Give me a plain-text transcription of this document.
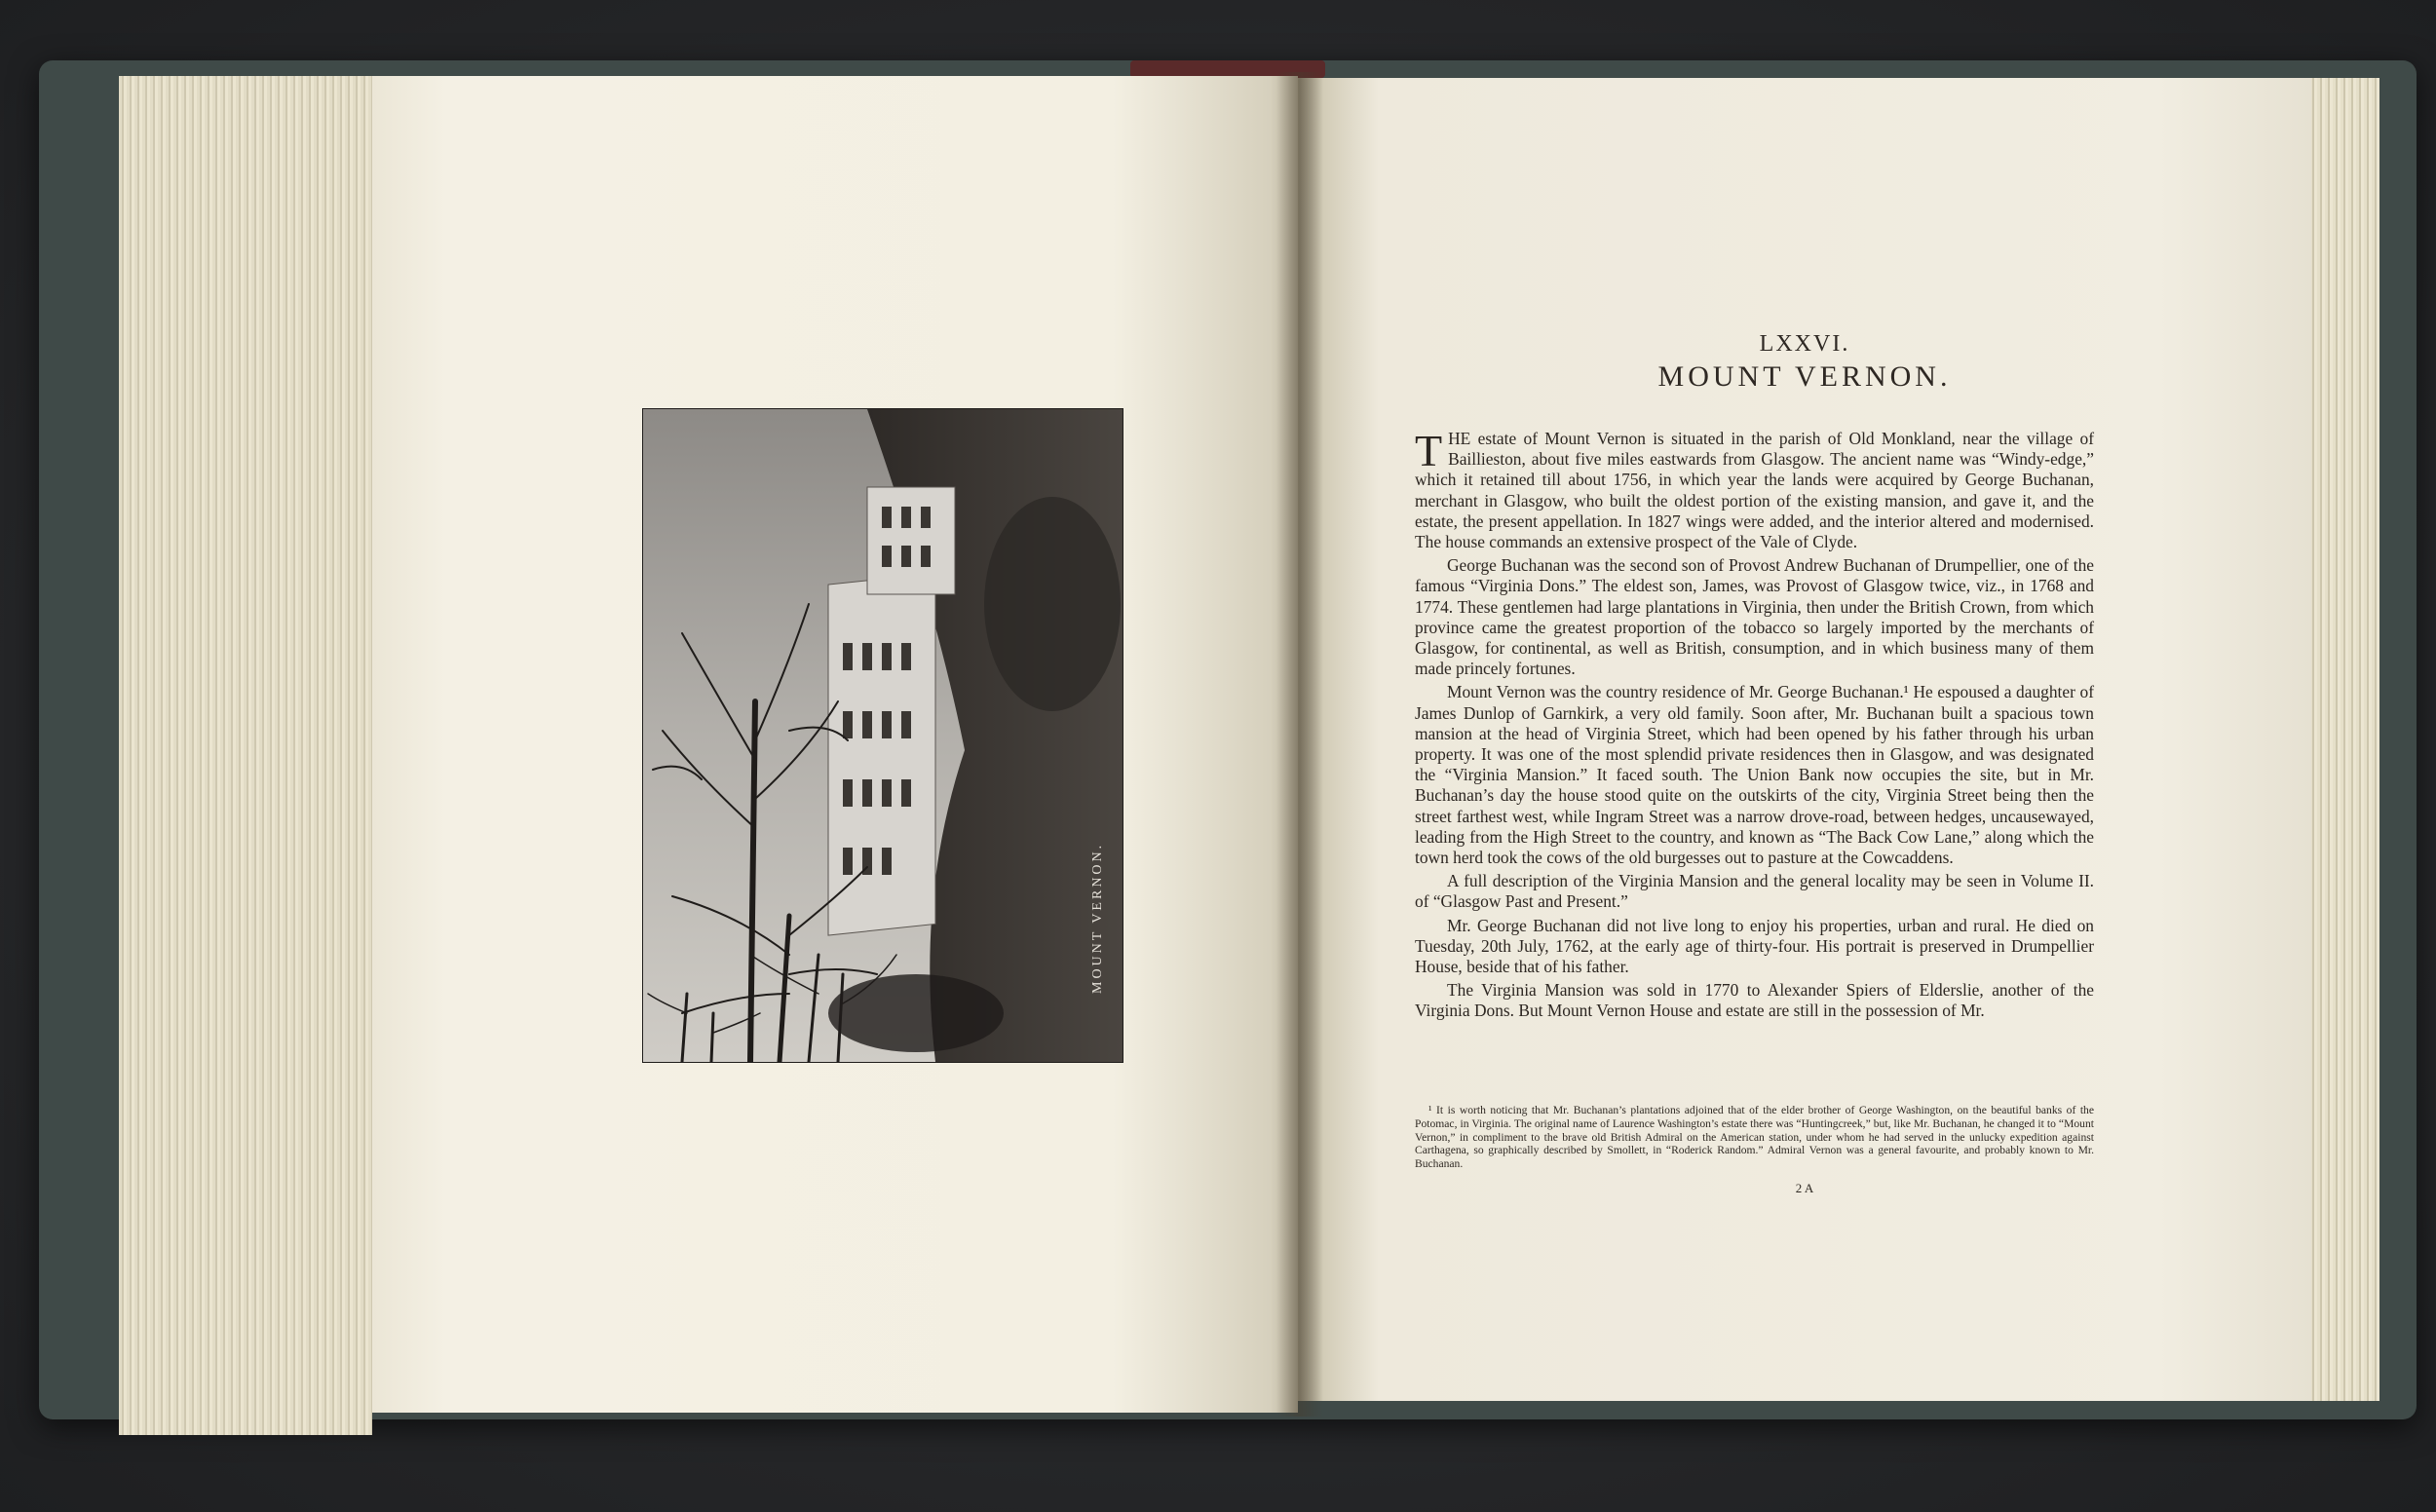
MOUNT VERNON.
LXXVI.
MOUNT VERNON.

THE estate of Mount Vernon is situated in the parish of Old Monkland, near the village of Baillieston, about five miles eastwards from Glasgow. The ancient name was “Windy-edge,” which it retained till about 1756, in which year the lands were acquired by George Buchanan, merchant in Glasgow, who built the oldest portion of the existing mansion, and gave it, and the estate, the present appellation. In 1827 wings were added, and the interior altered and modernised. The house commands an extensive prospect of the Vale of Clyde.

George Buchanan was the second son of Provost Andrew Buchanan of Drumpellier, one of the famous “Virginia Dons.” The eldest son, James, was Provost of Glasgow twice, viz., in 1768 and 1774. These gentlemen had large plantations in Virginia, then under the British Crown, from which province came the greatest proportion of the tobacco so largely imported by the merchants of Glasgow, for continental, as well as British, consumption, and in which business many of them made princely fortunes.

Mount Vernon was the country residence of Mr. George Buchanan.¹ He espoused a daughter of James Dunlop of Garnkirk, a very old family. Soon after, Mr. Buchanan built a spacious town mansion at the head of Virginia Street, which had been opened by his father through his urban property. It was one of the most splendid private residences then in Glasgow, and was designated the “Virginia Mansion.” It faced south. The Union Bank now occupies the site, but in Mr. Buchanan’s day the house stood quite on the outskirts of the city, Virginia Street being then the street farthest west, while Ingram Street was a narrow drove-road, between hedges, uncausewayed, leading from the High Street to the country, and known as “The Back Cow Lane,” along which the town herd took the cows of the old burgesses out to pasture at the Cowcaddens.

A full description of the Virginia Mansion and the general locality may be seen in Volume II. of “Glasgow Past and Present.”

Mr. George Buchanan did not live long to enjoy his properties, urban and rural. He died on Tuesday, 20th July, 1762, at the early age of thirty-four. His portrait is preserved in Drumpellier House, beside that of his father.

The Virginia Mansion was sold in 1770 to Alexander Spiers of Elderslie, another of the Virginia Dons. But Mount Vernon House and estate are still in the possession of Mr.

¹ It is worth noticing that Mr. Buchanan’s plantations adjoined that of the elder brother of George Washington, on the beautiful banks of the Potomac, in Virginia. The original name of Laurence Washington’s estate there was “Huntingcreek,” but, like Mr. Buchanan, he changed it to “Mount Vernon,” in compliment to the brave old British Admiral on the American station, under whom he had served in the unlucky expedition against Carthagena, so graphically described by Smollett, in “Roderick Random.” Admiral Vernon was a general favourite, and probably known to Mr. Buchanan.

2 A
